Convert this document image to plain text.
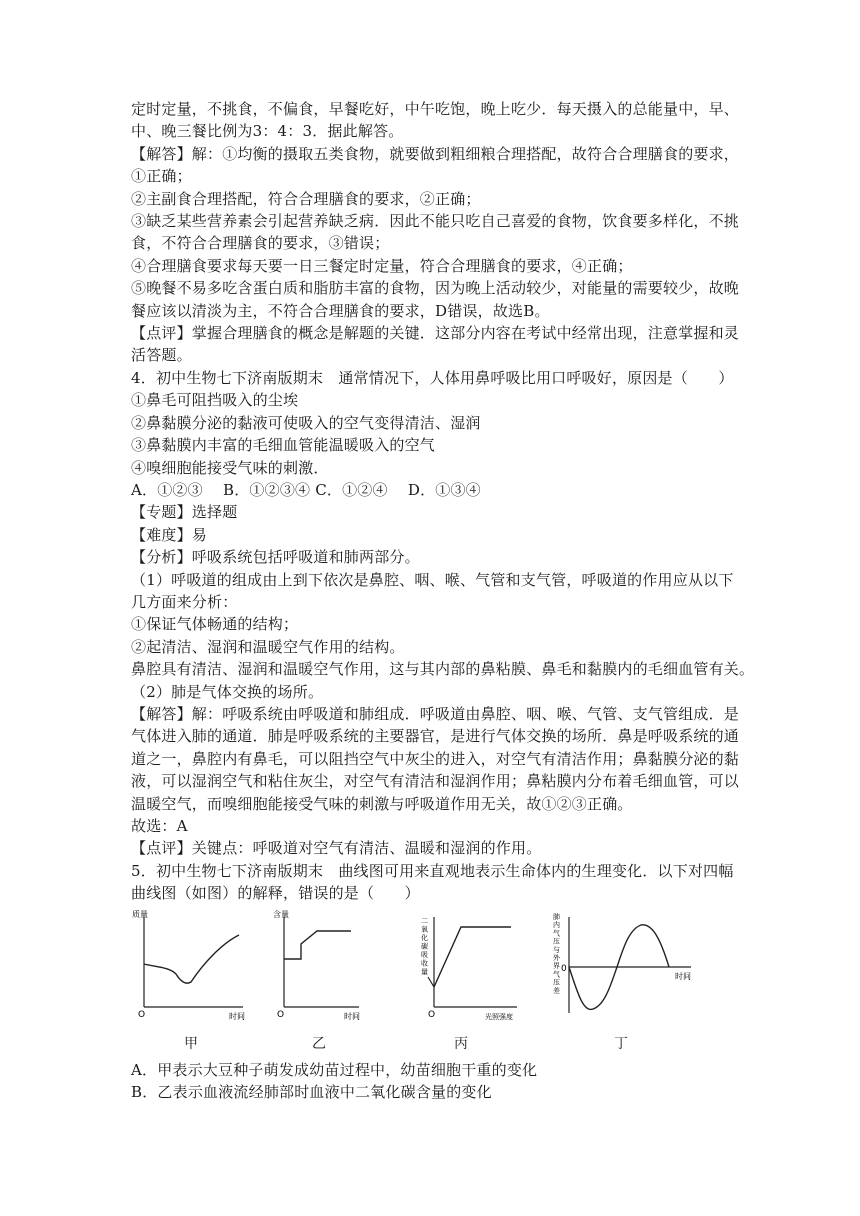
定时定量，不挑食，不偏食，早餐吃好，中午吃饱，晚上吃少．每天摄入的总能量中，早、
中、晚三餐比例为3：4：3．据此解答。
【解答】解：①均衡的摄取五类食物，就要做到粗细粮合理搭配，故符合合理膳食的要求，
①正确；
②主副食合理搭配，符合合理膳食的要求，②正确；
③缺乏某些营养素会引起营养缺乏病．因此不能只吃自己喜爱的食物，饮食要多样化，不挑
食，不符合合理膳食的要求，③错误；
④合理膳食要求每天要一日三餐定时定量，符合合理膳食的要求，④正确；
⑤晚餐不易多吃含蛋白质和脂肪丰富的食物，因为晚上活动较少，对能量的需要较少，故晚
餐应该以清淡为主，不符合合理膳食的要求，D错误，故选B。
【点评】掌握合理膳食的概念是解题的关键．这部分内容在考试中经常出现，注意掌握和灵
活答题。
4．初中生物七下济南版期末　通常情况下，人体用鼻呼吸比用口呼吸好，原因是（　　）
①鼻毛可阻挡吸入的尘埃
②鼻黏膜分泌的黏液可使吸入的空气变得清洁、湿润
③鼻黏膜内丰富的毛细血管能温暖吸入的空气
④嗅细胞能接受气味的刺激．
A．①②③　 B．①②③④ C．①②④　 D．①③④
【专题】选择题
【难度】易
【分析】呼吸系统包括呼吸道和肺两部分。
（1）呼吸道的组成由上到下依次是鼻腔、咽、喉、气管和支气管，呼吸道的作用应从以下
几方面来分析：
①保证气体畅通的结构；
②起清洁、湿润和温暖空气作用的结构。
鼻腔具有清洁、湿润和温暖空气作用，这与其内部的鼻粘膜、鼻毛和黏膜内的毛细血管有关。
（2）肺是气体交换的场所。
【解答】解：呼吸系统由呼吸道和肺组成．呼吸道由鼻腔、咽、喉、气管、支气管组成．是
气体进入肺的通道．肺是呼吸系统的主要器官，是进行气体交换的场所．鼻是呼吸系统的通
道之一，鼻腔内有鼻毛，可以阻挡空气中灰尘的进入，对空气有清洁作用；鼻黏膜分泌的黏
液，可以湿润空气和粘住灰尘，对空气有清洁和湿润作用；鼻粘膜内分布着毛细血管，可以
温暖空气，而嗅细胞能接受气味的刺激与呼吸道作用无关，故①②③正确。
故选：A
【点评】关键点：呼吸道对空气有清洁、温暖和湿润的作用。
5．初中生物七下济南版期末　曲线图可用来直观地表示生命体内的生理变化．以下对四幅
曲线图（如图）的解释，错误的是（　　）
质量
O	时间
甲
含量
O	时间
乙
二氧化碳吸收量
O	光照强度
丙
肺内气压与外界气压差
0
时间
丁
A．甲表示大豆种子萌发成幼苗过程中，幼苗细胞干重的变化
B．乙表示血液流经肺部时血液中二氧化碳含量的变化
